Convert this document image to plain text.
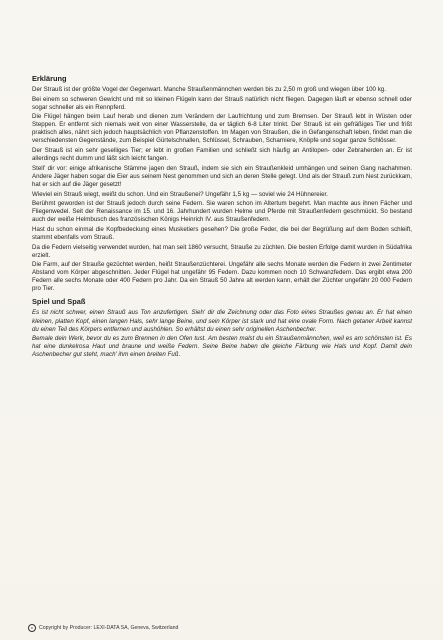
Erklärung

Der Strauß ist der größte Vogel der Gegenwart. Manche Straußenmännchen werden bis zu 2,50 m groß und wiegen über 100 kg.

Bei einem so schweren Gewicht und mit so kleinen Flügeln kann der Strauß natürlich nicht fliegen. Dagegen läuft er ebenso schnell oder sogar schneller als ein Rennpferd.

Die Flügel hängen beim Lauf herab und dienen zum Verändern der Laufrichtung und zum Bremsen. Der Strauß lebt in Wüsten oder Steppen. Er entfernt sich niemals weit von einer Wasserstelle, da er täglich 6-8 Liter trinkt. Der Strauß ist ein gefräßiges Tier und frißt praktisch alles, nährt sich jedoch hauptsächlich von Pflanzenstoffen. Im Magen von Straußen, die in Gefangenschaft leben, findet man die verschiedensten Gegenstände, zum Beispiel Gürtelschnallen, Schlüssel, Schrauben, Scharniere, Knöpfe und sogar ganze Schlösser.

Der Strauß ist ein sehr geselliges Tier; er lebt in großen Familien und schließt sich häufig an Antilopen- oder Zebraherden an. Er ist allerdings recht dumm und läßt sich leicht fangen.

Stell' dir vor: einige afrikanische Stämme jagen den Strauß, indem sie sich ein Straußenkleid umhängen und seinen Gang nachahmen. Andere Jäger haben sogar die Eier aus seinem Nest genommen und sich an deren Stelle gelegt. Und als der Strauß zum Nest zurückkam, hat er sich auf die Jäger gesetzt!

Wieviel ein Strauß wiegt, weißt du schon. Und ein Straußenei? Ungefähr 1,5 kg — soviel wie 24 Hühnereier.

Berühmt geworden ist der Strauß jedoch durch seine Federn. Sie waren schon im Altertum begehrt. Man machte aus ihnen Fächer und Fliegenwedel. Seit der Renaissance im 15. und 16. Jahrhundert wurden Helme und Pferde mit Straußenfedern geschmückt. So bestand auch der weiße Helmbusch des französischen Königs Heinrich IV. aus Straußenfedern.

Hast du schon einmal die Kopfbedeckung eines Musketiers gesehen? Die große Feder, die bei der Begrüßung auf dem Boden schleift, stammt ebenfalls vom Strauß.

Da die Federn vielseitig verwendet wurden, hat man seit 1860 versucht, Strauße zu züchten. Die besten Erfolge damit wurden in Südafrika erzielt.

Die Farm, auf der Strauße gezüchtet werden, heißt Straußenzüchterei. Ungefähr alle sechs Monate werden die Federn in zwei Zentimeter Abstand vom Körper abgeschnitten. Jeder Flügel hat ungefähr 95 Federn. Dazu kommen noch 10 Schwanzfedern. Das ergibt etwa 200 Federn alle sechs Monate oder 400 Federn pro Jahr. Da ein Strauß 50 Jahre alt werden kann, erhält der Züchter ungefähr 20 000 Federn pro Tier.

Spiel und Spaß

Es ist nicht schwer, einen Strauß aus Ton anzufertigen. Sieh' dir die Zeichnung oder das Foto eines Straußes genau an. Er hat einen kleinen, platten Kopf, einen langen Hals, sehr lange Beine, und sein Körper ist stark und hat eine ovale Form. Nach getaner Arbeit kannst du einen Teil des Körpers entfernen und aushöhlen. So erhältst du einen sehr originellen Aschenbecher.

Bemale dein Werk, bevor du es zum Brennen in den Ofen tust. Am besten malst du ein Straußenmännchen, weil es am schönsten ist. Es hat eine dunkelrosa Haut und braune und weiße Federn. Seine Beine haben die gleiche Färbung wie Hals und Kopf. Damit dein Aschenbecher gut steht, mach' ihm einen breiten Fuß.

c	Copyright by Producer: LEXI-DATA SA, Geneva, Switzerland
